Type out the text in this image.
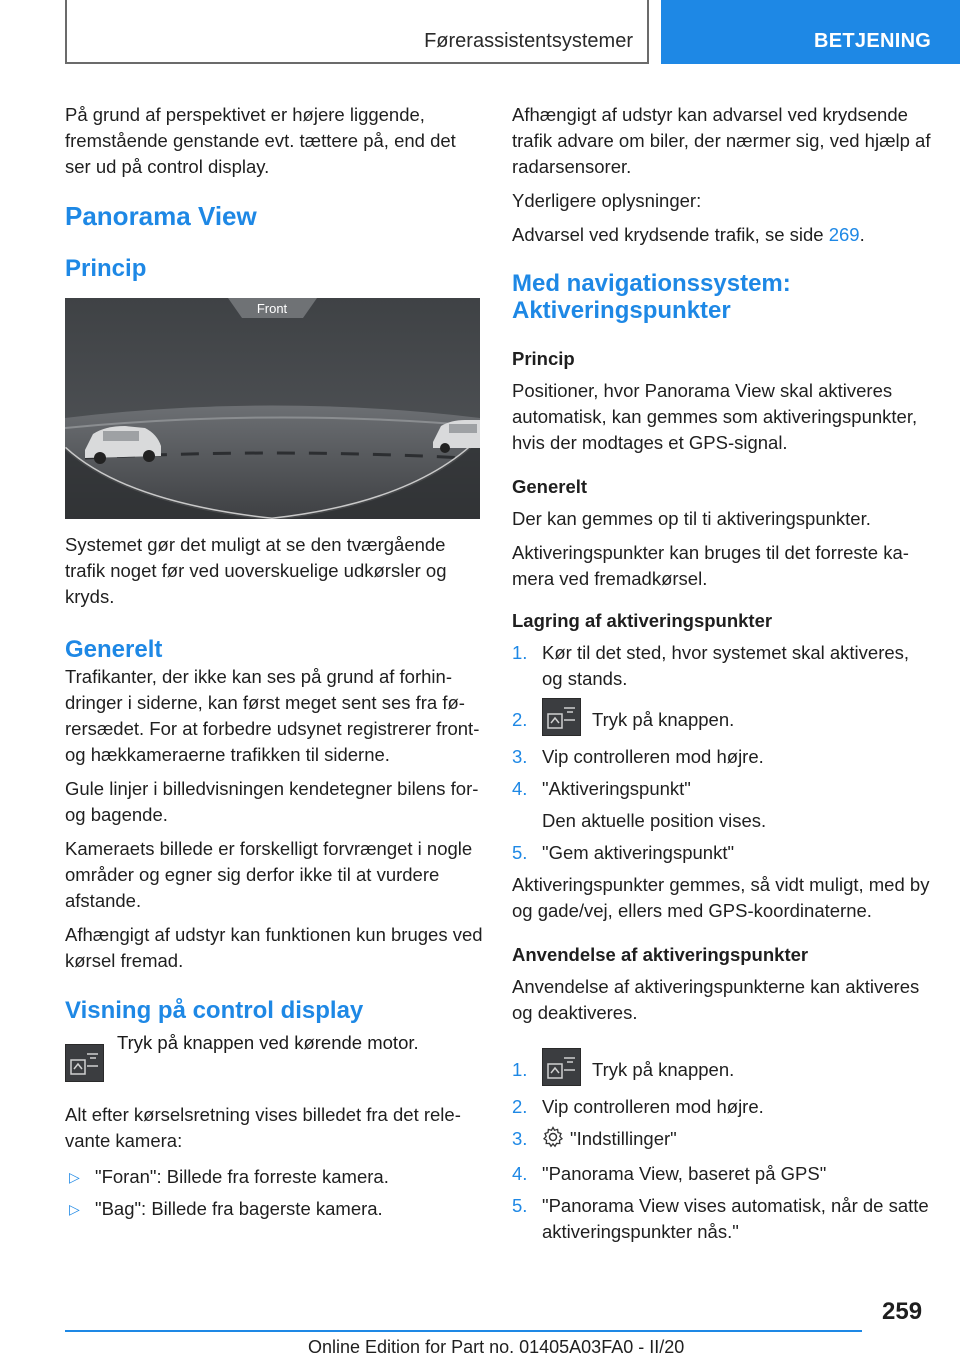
Førerassistentsystemer	BETJENING

På grund af perspektivet er højere liggende, fremstående genstande evt. tættere på, end det ser ud på control display.

Panorama View
Princip
Front

Systemet gør det muligt at se den tværgående trafik noget før ved uoverskuelige udkørsler og kryds.

Generelt

Trafikanter, der ikke kan ses på grund af forhindringer i siderne, kan først meget sent ses fra førersædet. For at forbedre udsynet registrerer front- og hækkameraerne trafikken til siderne.

Gule linjer i billedvisningen kendetegner bilens for- og bagende.

Kameraets billede er forskelligt forvrænget i nogle områder og egner sig derfor ikke til at vurdere afstande.

Afhængigt af udstyr kan funktionen kun bruges ved kørsel fremad.

Visning på control display
Tryk på knappen ved kørende motor.

Alt efter kørselsretning vises billedet fra det relevante kamera:

▷ "Foran": Billede fra forreste kamera.
▷ "Bag": Billede fra bagerste kamera.

Afhængigt af udstyr kan advarsel ved krydsende trafik advare om biler, der nærmer sig, ved hjælp af radarsensorer.

Yderligere oplysninger:

Advarsel ved krydsende trafik, se side 269.

Med navigationssystem:
Aktiveringspunkter
Princip

Positioner, hvor Panorama View skal aktiveres automatisk, kan gemmes som aktiveringspunkter, hvis der modtages et GPS-signal.

Generelt

Der kan gemmes op til ti aktiveringspunkter.

Aktiveringspunkter kan bruges til det forreste kamera ved fremadkørsel.

Lagring af aktiveringspunkter
1. Kør til det sted, hvor systemet skal aktiveres, og stands.
2.	Tryk på knappen.
3. Vip controlleren mod højre.
4. "Aktiveringspunkt"
Den aktuelle position vises.
5. "Gem aktiveringspunkt"

Aktiveringspunkter gemmes, så vidt muligt, med by og gade/vej, ellers med GPS-koordinaterne.

Anvendelse af aktiveringspunkter

Anvendelse af aktiveringspunkterne kan aktiveres og deaktiveres.

1.	Tryk på knappen.
2. Vip controlleren mod højre.
3. "Indstillinger"
4. "Panorama View, baseret på GPS"
5. "Panorama View vises automatisk, når de satte aktiveringspunkter nås."
259
Online Edition for Part no. 01405A03FA0 - II/20
